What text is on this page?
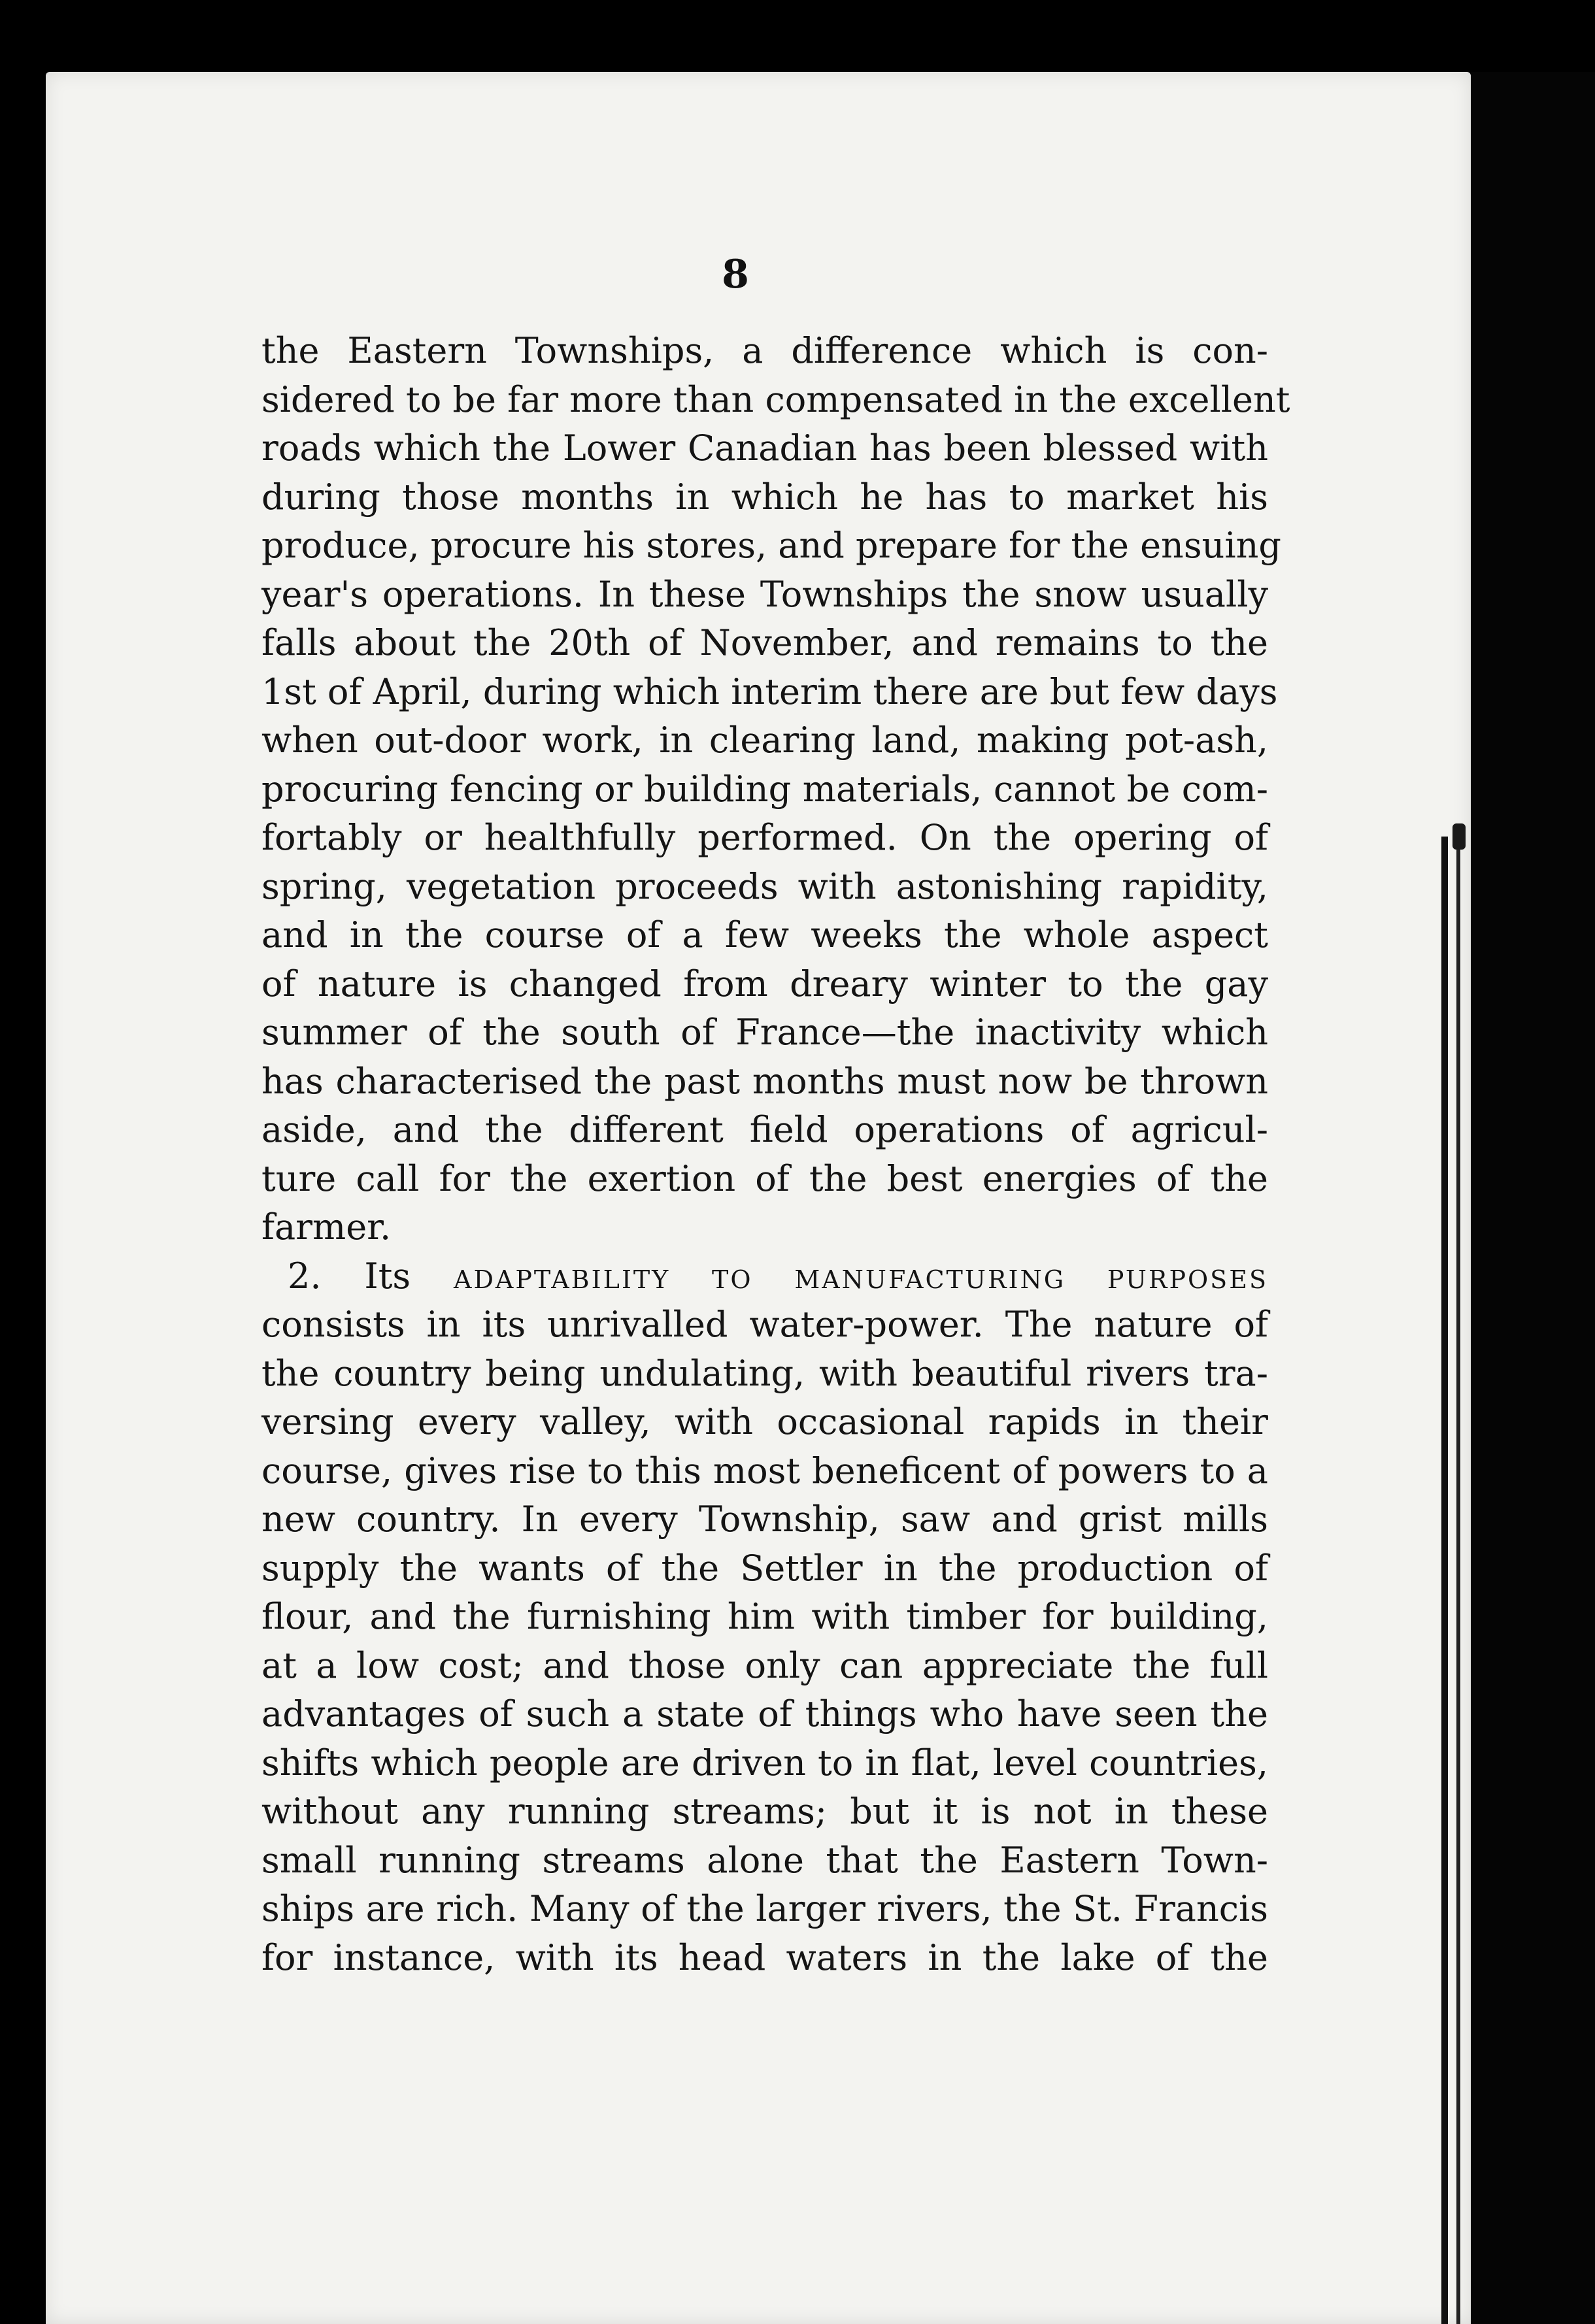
8
the Eastern Townships, a difference which is con-
sidered to be far more than compensated in the excellent
roads which the Lower Canadian has been blessed with
during those months in which he has to market his
produce, procure his stores, and prepare for the ensuing
year's operations. In these Townships the snow usually
falls about the 20th of November, and remains to the
1st of April, during which interim there are but few days
when out-door work, in clearing land, making pot-ash,
procuring fencing or building materials, cannot be com-
fortably or healthfully performed. On the opering of
spring, vegetation proceeds with astonishing rapidity,
and in the course of a few weeks the whole aspect
of nature is changed from dreary winter to the gay
summer of the south of France—the inactivity which
has characterised the past months must now be thrown
aside, and the different field operations of agricul-
ture call for the exertion of the best energies of the
farmer.
2. Its ADAPTABILITY TO MANUFACTURING PURPOSES
consists in its unrivalled water-power. The nature of
the country being undulating, with beautiful rivers tra-
versing every valley, with occasional rapids in their
course, gives rise to this most beneficent of powers to a
new country. In every Township, saw and grist mills
supply the wants of the Settler in the production of
flour, and the furnishing him with timber for building,
at a low cost; and those only can appreciate the full
advantages of such a state of things who have seen the
shifts which people are driven to in flat, level countries,
without any running streams; but it is not in these
small running streams alone that the Eastern Town-
ships are rich. Many of the larger rivers, the St. Francis
for instance, with its head waters in the lake of the
